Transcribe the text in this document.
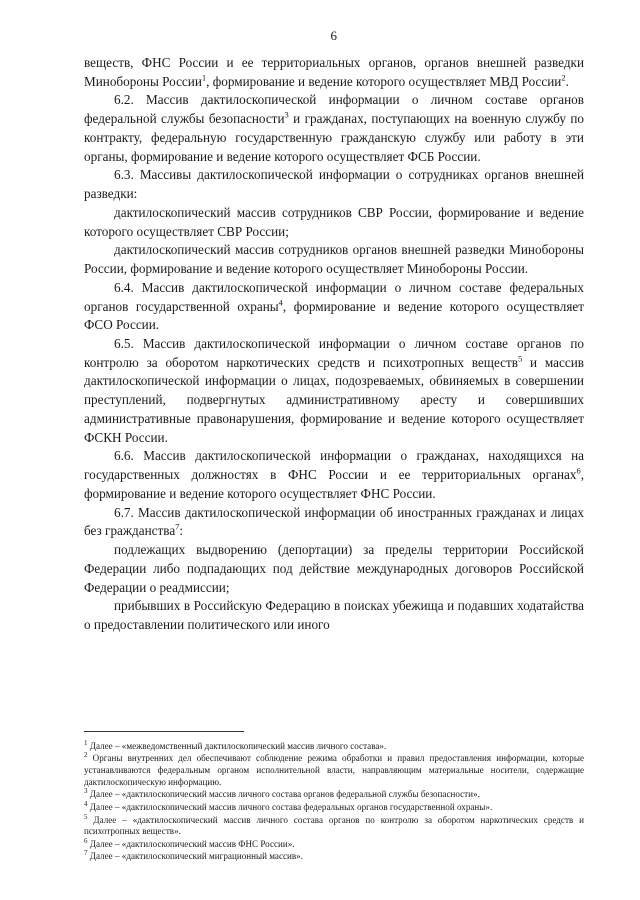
6

веществ, ФНС России и ее территориальных органов, органов внешней разведки Минобороны России$^1$, формирование и ведение которого осуществляет МВД России$^2$.

6.2. Массив дактилоскопической информации о личном составе органов федеральной службы безопасности$^3$ и гражданах, поступающих на военную службу по контракту, федеральную государственную гражданскую службу или работу в эти органы, формирование и ведение которого осуществляет ФСБ России.

6.3. Массивы дактилоскопической информации о сотрудниках органов внешней разведки:

дактилоскопический массив сотрудников СВР России, формирование и ведение которого осуществляет СВР России;

дактилоскопический массив сотрудников органов внешней разведки Минобороны России, формирование и ведение которого осуществляет Минобороны России.

6.4. Массив дактилоскопической информации о личном составе федеральных органов государственной охраны$^4$, формирование и ведение которого осуществляет ФСО России.

6.5. Массив дактилоскопической информации о личном составе органов по контролю за оборотом наркотических средств и психотропных веществ$^5$ и массив дактилоскопической информации о лицах, подозреваемых, обвиняемых в совершении преступлений, подвергнутых административному аресту и совершивших административные правонарушения, формирование и ведение которого осуществляет ФСКН России.

6.6. Массив дактилоскопической информации о гражданах, находящихся на государственных должностях в ФНС России и ее территориальных органах$^6$, формирование и ведение которого осуществляет ФНС России.

6.7. Массив дактилоскопической информации об иностранных гражданах и лицах без гражданства$^7$:

подлежащих выдворению (депортации) за пределы территории Российской Федерации либо подпадающих под действие международных договоров Российской Федерации о реадмиссии;

прибывших в Российскую Федерацию в поисках убежища и подавших ходатайства о предоставлении политического или иного

$^1$ Далее – «межведомственный дактилоскопический массив личного состава».

$^2$ Органы внутренних дел обеспечивают соблюдение режима обработки и правил предоставления информации, которые устанавливаются федеральным органом исполнительной власти, направляющим материальные носители, содержащие дактилоскопическую информацию.

$^3$ Далее – «дактилоскопический массив личного состава органов федеральной службы безопасности».

$^4$ Далее – «дактилоскопический массив личного состава федеральных органов государственной охраны».

$^5$ Далее – «дактилоскопический массив личного состава органов по контролю за оборотом наркотических средств и психотропных веществ».

$^6$ Далее – «дактилоскопический массив ФНС России».

$^7$ Далее – «дактилоскопический миграционный массив».
